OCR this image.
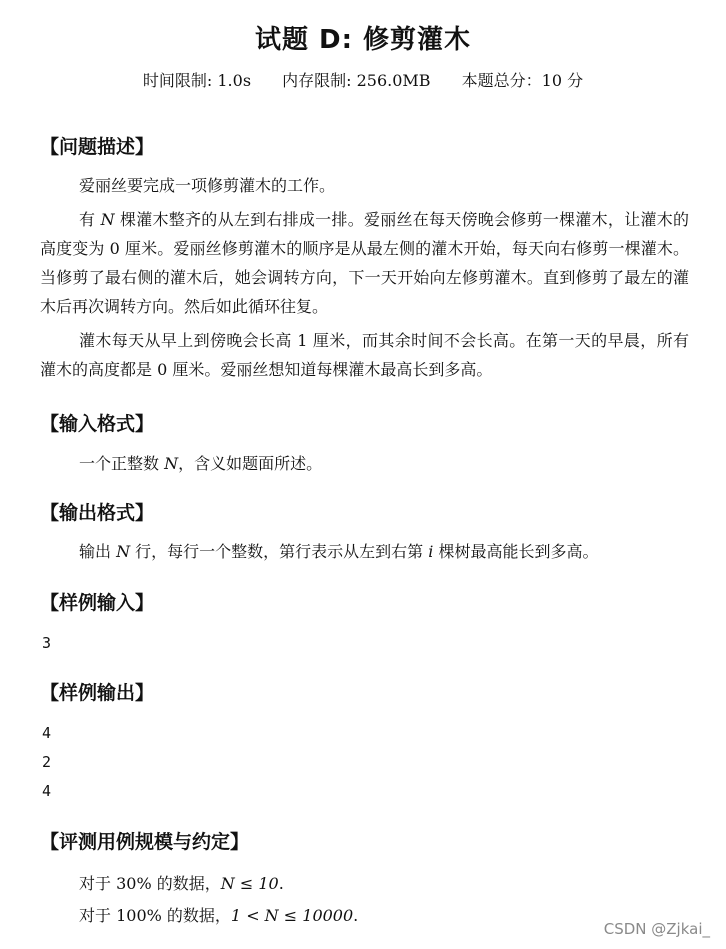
试题 D: 修剪灌木
时间限制: 1.0s 内存限制: 256.0MB 本题总分：10 分
【问题描述】
爱丽丝要完成一项修剪灌木的工作。
有 N 棵灌木整齐的从左到右排成一排。爱丽丝在每天傍晚会修剪一棵灌木，让灌木的高度变为 0 厘米。爱丽丝修剪灌木的顺序是从最左侧的灌木开始，每天向右修剪一棵灌木。当修剪了最右侧的灌木后，她会调转方向，下一天开始向左修剪灌木。直到修剪了最左的灌木后再次调转方向。然后如此循环往复。
灌木每天从早上到傍晚会长高 1 厘米，而其余时间不会长高。在第一天的早晨，所有灌木的高度都是 0 厘米。爱丽丝想知道每棵灌木最高长到多高。
【输入格式】
一个正整数 N，含义如题面所述。
【输出格式】
输出 N 行，每行一个整数，第行表示从左到右第 i 棵树最高能长到多高。
【样例输入】
3
【样例输出】
4
2
4
【评测用例规模与约定】
对于 30% 的数据，N ≤ 10.
对于 100% 的数据，1 < N ≤ 10000.
CSDN @Zjkai_
